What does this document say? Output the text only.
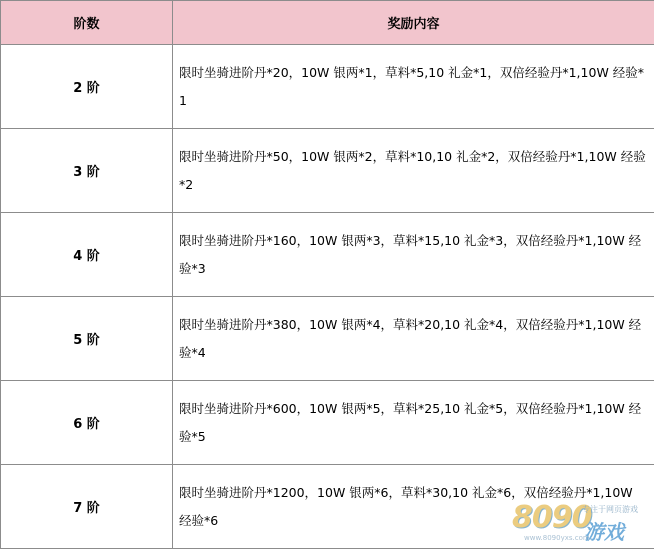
阶数	奖励内容
2 阶	限时坐骑进阶丹*20，10W 银两*1，草料*5,10 礼金*1，双倍经验丹*1,10W 经验*1
3 阶	限时坐骑进阶丹*50，10W 银两*2，草料*10,10 礼金*2，双倍经验丹*1,10W 经验*2
4 阶	限时坐骑进阶丹*160，10W 银两*3，草料*15,10 礼金*3，双倍经验丹*1,10W 经验*3
5 阶	限时坐骑进阶丹*380，10W 银两*4，草料*20,10 礼金*4，双倍经验丹*1,10W 经验*4
6 阶	限时坐骑进阶丹*600，10W 银两*5，草料*25,10 礼金*5，双倍经验丹*1,10W 经验*5
7 阶	限时坐骑进阶丹*1200，10W 银两*6，草料*30,10 礼金*6，双倍经验丹*1,10W 经验*6	8090
专注于网页游戏
游戏
www.8090yxs.com
